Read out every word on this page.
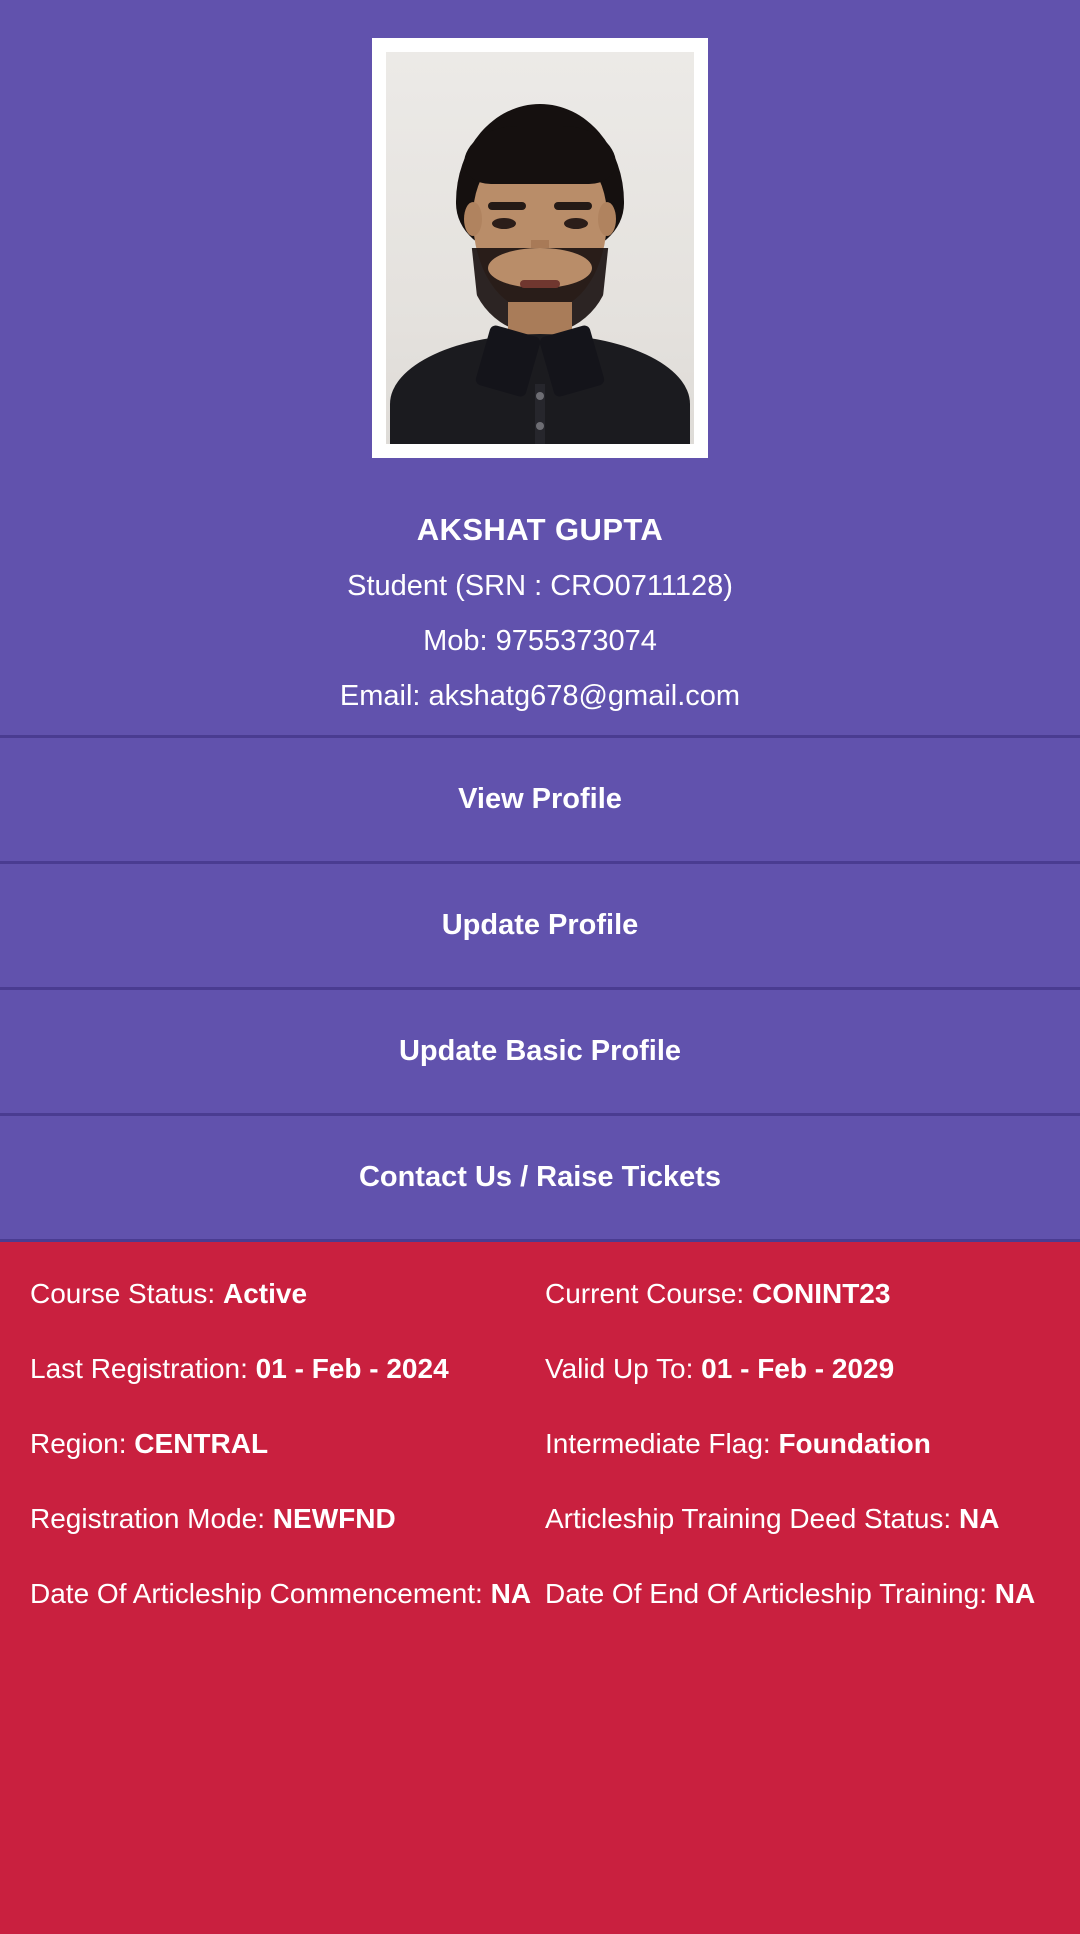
AKSHAT GUPTA
Student (SRN : CRO0711128)
Mob: 9755373074
Email: akshatg678@gmail.com
View Profile
Update Profile
Update Basic Profile
Contact Us / Raise Tickets
Course Status: Active	Current Course: CONINT23
Last Registration: 01 - Feb - 2024	Valid Up To: 01 - Feb - 2029
Region: CENTRAL	Intermediate Flag: Foundation
Registration Mode: NEWFND	Articleship Training Deed Status: NA
Date Of Articleship Commencement: NA Date Of End Of Articleship Training: NA
